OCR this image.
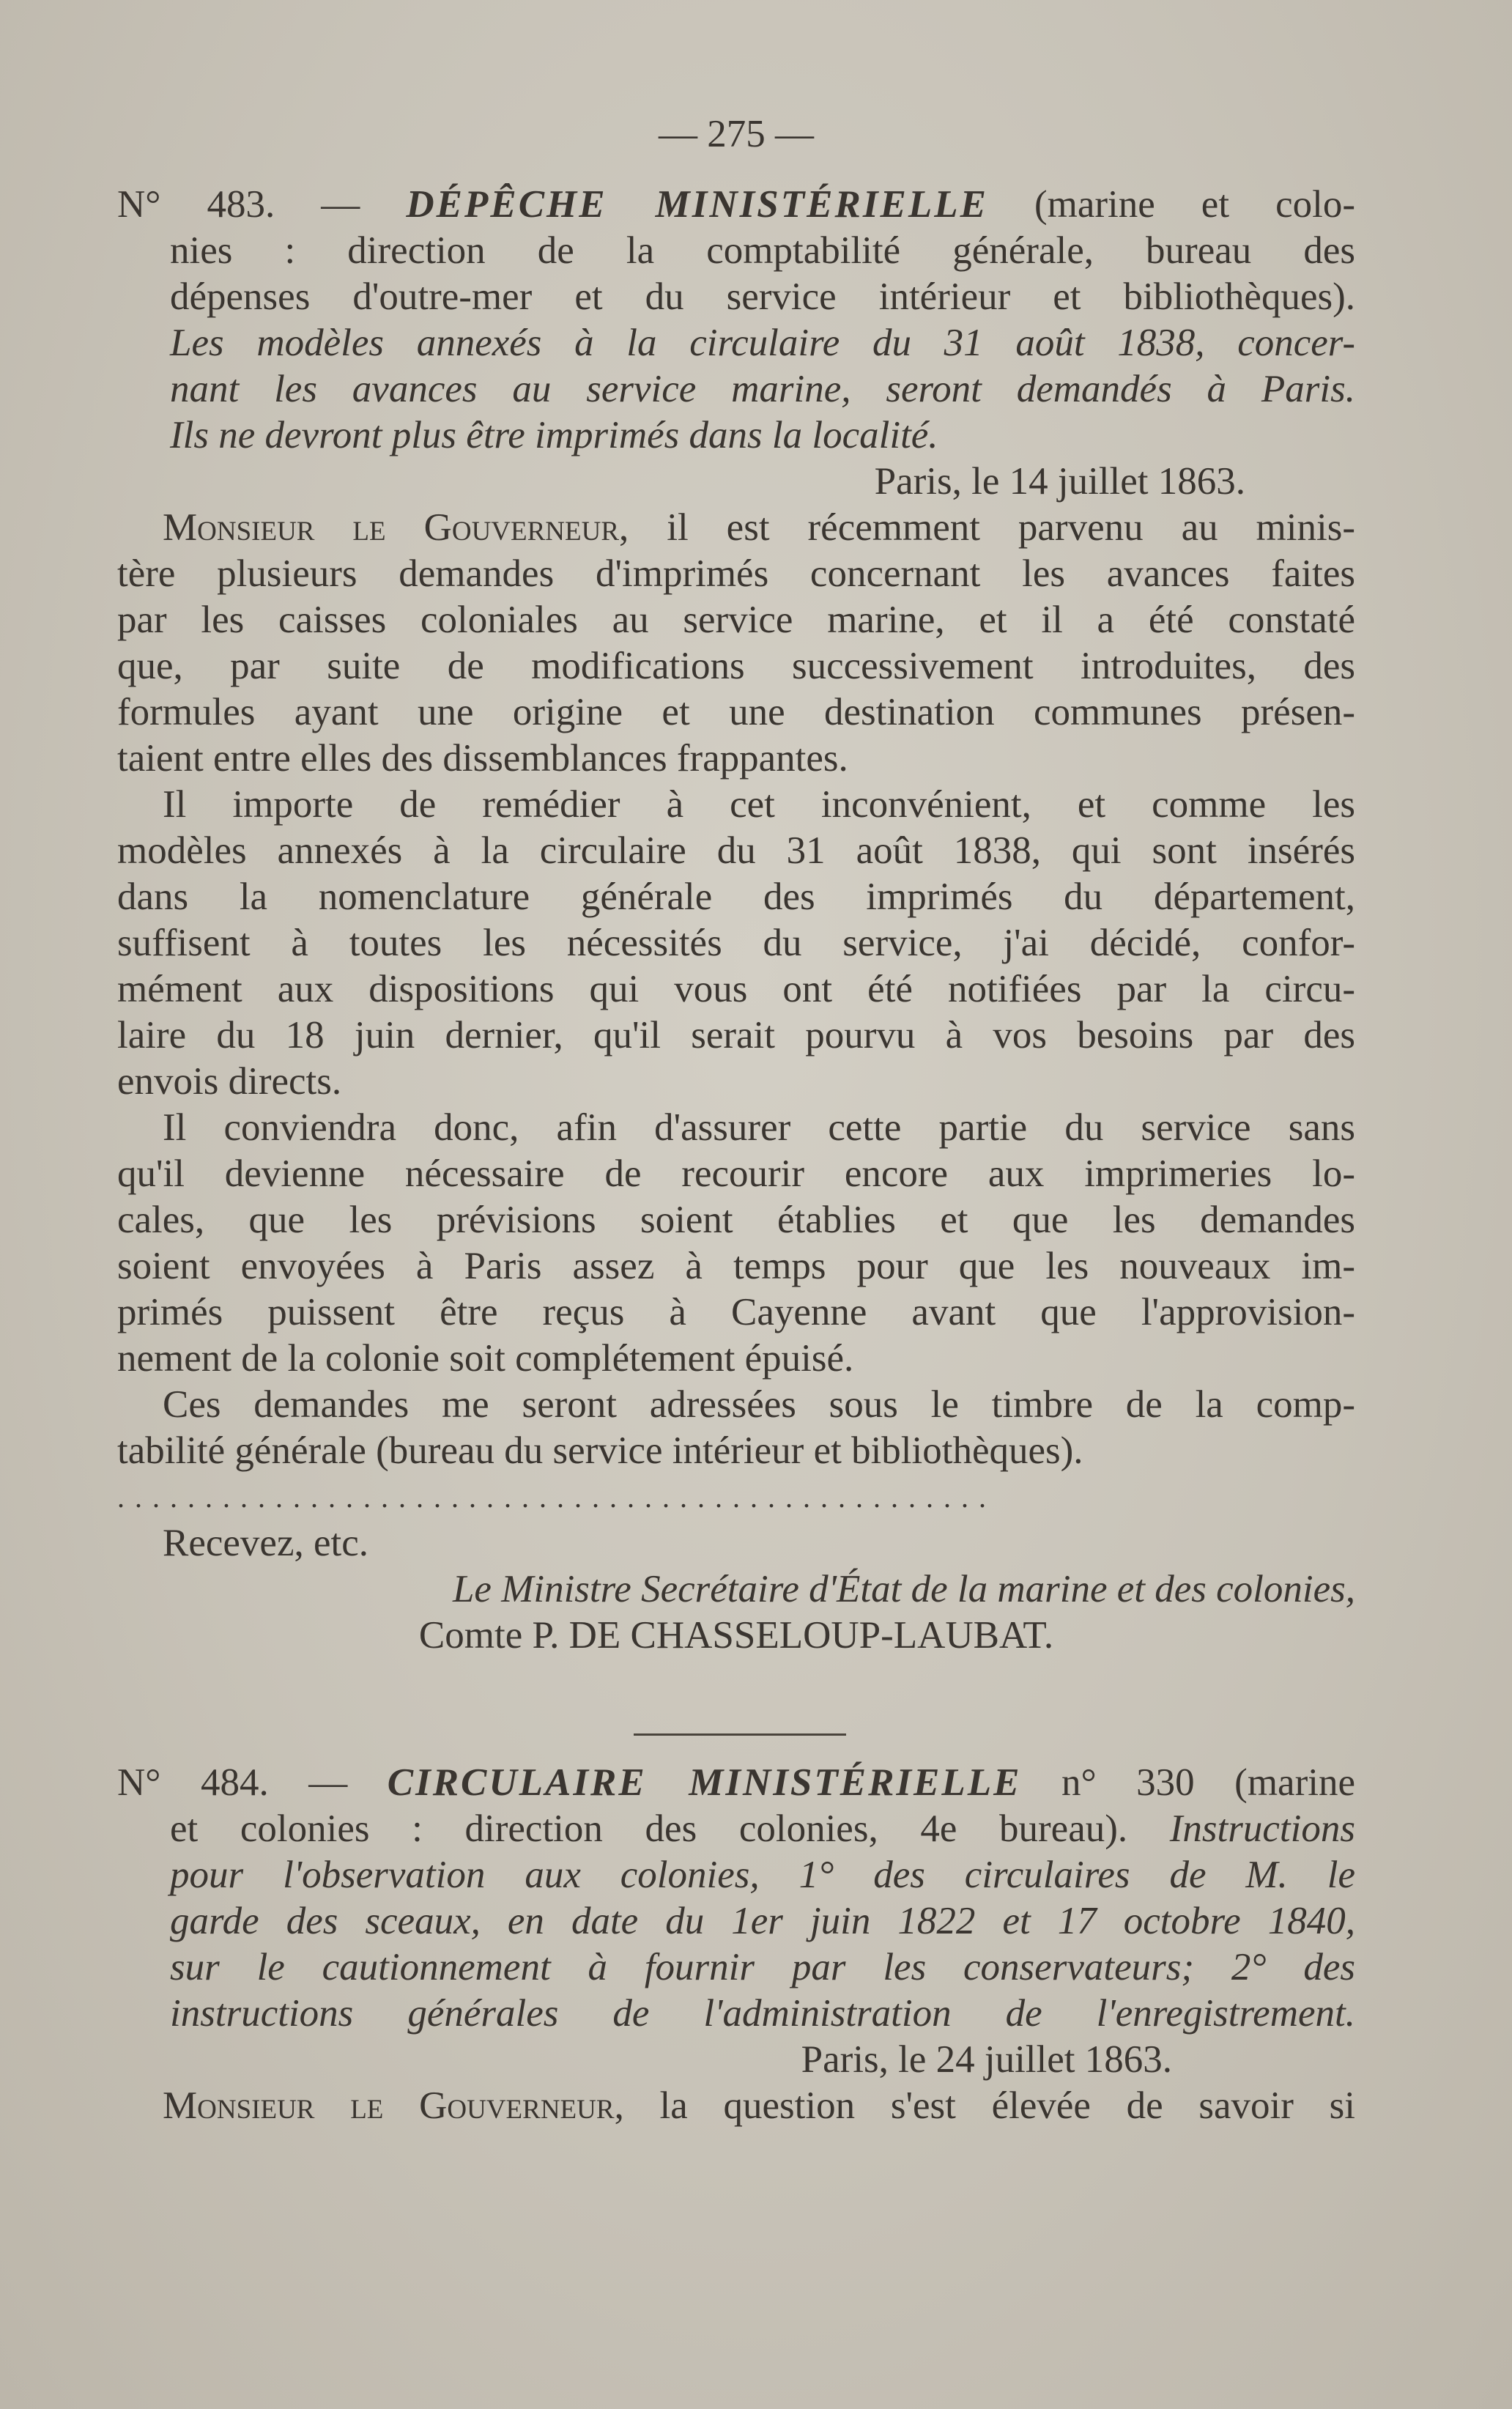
— 275 —
N° 483. — DÉPÊCHE MINISTÉRIELLE (marine et colo-
nies : direction de la comptabilité générale, bureau des
dépenses d'outre-mer et du service intérieur et bibliothèques).
Les modèles annexés à la circulaire du 31 août 1838, concer-
nant les avances au service marine, seront demandés à Paris.
Ils ne devront plus être imprimés dans la localité.
Paris, le 14 juillet 1863.
Monsieur le Gouverneur, il est récemment parvenu au minis-
tère plusieurs demandes d'imprimés concernant les avances faites
par les caisses coloniales au service marine, et il a été constaté
que, par suite de modifications successivement introduites, des
formules ayant une origine et une destination communes présen-
taient entre elles des dissemblances frappantes.
Il importe de remédier à cet inconvénient, et comme les
modèles annexés à la circulaire du 31 août 1838, qui sont insérés
dans la nomenclature générale des imprimés du département,
suffisent à toutes les nécessités du service, j'ai décidé, confor-
mément aux dispositions qui vous ont été notifiées par la circu-
laire du 18 juin dernier, qu'il serait pourvu à vos besoins par des
envois directs.
Il conviendra donc, afin d'assurer cette partie du service sans
qu'il devienne nécessaire de recourir encore aux imprimeries lo-
cales, que les prévisions soient établies et que les demandes
soient envoyées à Paris assez à temps pour que les nouveaux im-
primés puissent être reçus à Cayenne avant que l'approvision-
nement de la colonie soit complétement épuisé.
Ces demandes me seront adressées sous le timbre de la comp-
tabilité générale (bureau du service intérieur et bibliothèques).
..................................................
Recevez, etc.
Le Ministre Secrétaire d'État de la marine et des colonies,
Comte P. DE CHASSELOUP-LAUBAT.
N° 484. — CIRCULAIRE MINISTÉRIELLE n° 330 (marine
et colonies : direction des colonies, 4e bureau). Instructions
pour l'observation aux colonies, 1° des circulaires de M. le
garde des sceaux, en date du 1er juin 1822 et 17 octobre 1840,
sur le cautionnement à fournir par les conservateurs; 2° des
instructions générales de l'administration de l'enregistrement.
Paris, le 24 juillet 1863.
Monsieur le Gouverneur, la question s'est élevée de savoir si
